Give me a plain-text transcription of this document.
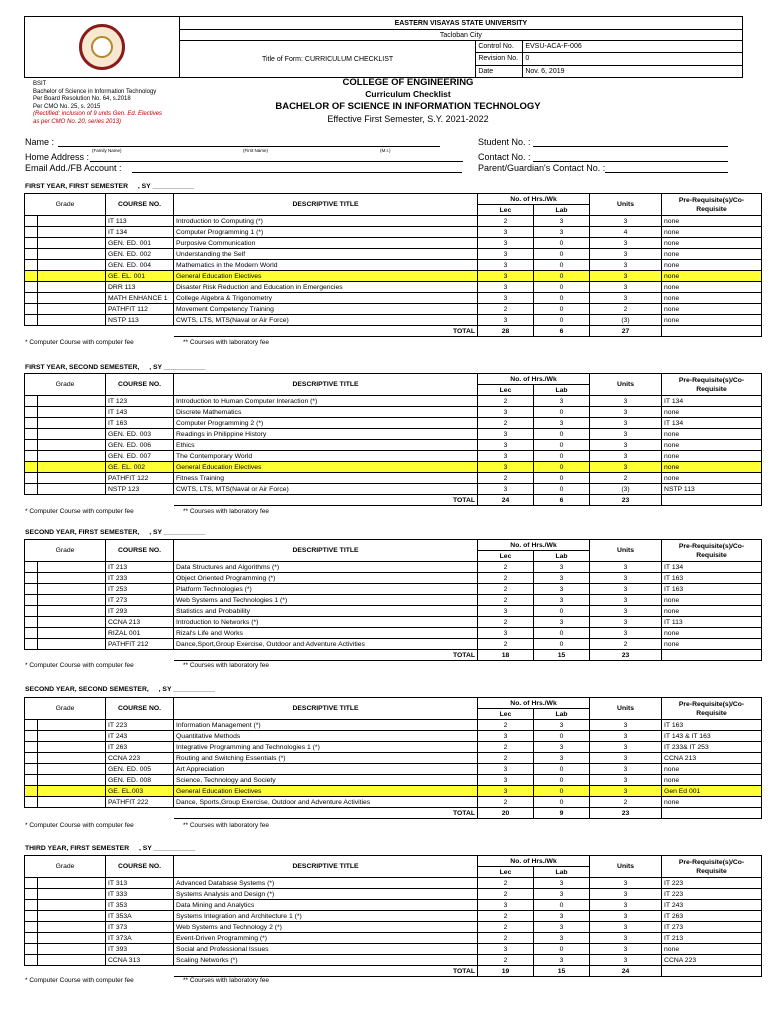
	EASTERN VISAYAS STATE UNIVERSITY		
	Tacloban City		
	Title of Form: CURRICULUM CHECKLIST	Control No.	EVSU-ACA-F-006
		Revision No.	0
		Date	Nov. 6, 2019
BSIT
Bachelor of Science in Information Technology
Per Board Resolution No. 64, s.2018
Per CMO No. 25, s. 2015
(Rectified: inclusion of 9 units Gen. Ed. Electives
as per CMO No. 20, series 2013)
COLLEGE OF ENGINEERING
Curriculum Checklist
BACHELOR OF SCIENCE IN INFORMATION TECHNOLOGY
Effective First Semester, S.Y. 2021-2022
Name :
(Family Name)	(First Name)	(M.I.)
Home Address :
Email Add./FB Account :
Student No. :
Contact No. :
Parent/Guardian's Contact No. :
FIRST YEAR, FIRST SEMESTER , SY ___________
Grade		COURSE NO.	DESCRIPTIVE TITLE	No. of Hrs./Wk		Units	Pre-Requisite(s)/Co-Requisite
				Lec	Lab		
		IT 113	Introduction to Computing (*)	2	3	3	none
		IT 134	Computer Programming 1 (*)	3	3	4	none
		GEN. ED. 001	Purposive Communication	3	0	3	none
		GEN. ED. 002	Understanding the Self	3	0	3	none
		GEN. ED. 004	Mathematics in the Modern World	3	0	3	none
		GE. EL. 001	General Education Electives	3	0	3	none
		DRR 113	Disaster Risk Reduction and Education in Emergencies	3	0	3	none
		MATH ENHANCE 1	College Algebra & Trigonometry	3	0	3	none
		PATHFIT 112	Movement Competency Training	2	0	2	none
		NSTP 113	CWTS, LTS, MTS(Naval or Air Force)	3	0	(3)	none
			TOTAL	28	6	27	
* Computer Course with computer fee	** Courses with laboratory fee
FIRST YEAR, SECOND SEMESTER, , SY ___________
Grade		COURSE NO.	DESCRIPTIVE TITLE	No. of Hrs./Wk		Units	Pre-Requisite(s)/Co-Requisite
				Lec	Lab		
		IT 123	Introduction to Human Computer Interaction (*)	2	3	3	IT 134
		IT 143	Discrete Mathematics	3	0	3	none
		IT 163	Computer Programming 2 (*)	2	3	3	IT 134
		GEN. ED. 003	Readings in Philippine History	3	0	3	none
		GEN. ED. 006	Ethics	3	0	3	none
		GEN. ED. 007	The Contemporary World	3	0	3	none
		GE. EL. 002	General Education Electives	3	0	3	none
		PATHFIT 122	Fitness Training	2	0	2	none
		NSTP 123	CWTS, LTS, MTS(Naval or Air Force)	3	0	(3)	NSTP 113
			TOTAL	24	6	23	
* Computer Course with computer fee	** Courses with laboratory fee
SECOND YEAR, FIRST SEMESTER, , SY ___________
Grade		COURSE NO.	DESCRIPTIVE TITLE	No. of Hrs./Wk		Units	Pre-Requisite(s)/Co-Requisite
				Lec	Lab		
		IT 213	Data Structures and Algorithms (*)	2	3	3	IT 134
		IT 233	Object Oriented Programming (*)	2	3	3	IT 163
		IT 253	Platform Technologies (*)	2	3	3	IT 163
		IT 273	Web Systems and Technologies 1 (*)	2	3	3	none
		IT 293	Statistics and Probability	3	0	3	none
		CCNA 213	Introduction to Networks (*)	2	3	3	IT 113
		RIZAL 001	Rizal's Life and Works	3	0	3	none
		PATHFIT 212	Dance,Sport,Group Exercise, Outdoor and Adventure Activities	2	0	2	none
			TOTAL	18	15	23	
* Computer Course with computer fee	** Courses with laboratory fee
SECOND YEAR, SECOND SEMESTER, , SY ___________
Grade		COURSE NO.	DESCRIPTIVE TITLE	No. of Hrs./Wk		Units	Pre-Requisite(s)/Co-Requisite
				Lec	Lab		
		IT 223	Information Management (*)	2	3	3	IT 163
		IT 243	Quantitative Methods	3	0	3	IT 143 & IT 163
		IT 263	Integrative Programming and Technologies 1 (*)	2	3	3	IT 233& IT 253
		CCNA 223	Routing and Switching Essentials (*)	2	3	3	CCNA 213
		GEN. ED. 005	Art Appreciation	3	0	3	none
		GEN. ED. 008	Science, Technology and Society	3	0	3	none
		GE. EL.003	General Education Electives	3	0	3	Gen Ed 001
		PATHFIT 222	Dance, Sports,Group Exercise, Outdoor and Adventure Activities	2	0	2	none
			TOTAL	20	9	23	
* Computer Course with computer fee	** Courses with laboratory fee
THIRD YEAR, FIRST SEMESTER , SY ___________
Grade		COURSE NO.	DESCRIPTIVE TITLE	No. of Hrs./Wk		Units	Pre-Requisite(s)/Co-Requisite
				Lec	Lab		
		IT 313	Advanced Database Systems (*)	2	3	3	IT 223
		IT 333	Systems Analysis and Design (*)	2	3	3	IT 223
		IT 353	Data Mining and Analytics	3	0	3	IT 243
		IT 353A	Systems Integration and Architecture 1 (*)	2	3	3	IT 263
		IT 373	Web Systems and Technology 2 (*)	2	3	3	IT 273
		IT 373A	Event-Driven Programming (*)	2	3	3	IT 213
		IT 393	Social and Professional Issues	3	0	3	none
		CCNA 313	Scaling Networks (*)	2	3	3	CCNA 223
			TOTAL	19	15	24	
* Computer Course with computer fee	** Courses with laboratory fee
